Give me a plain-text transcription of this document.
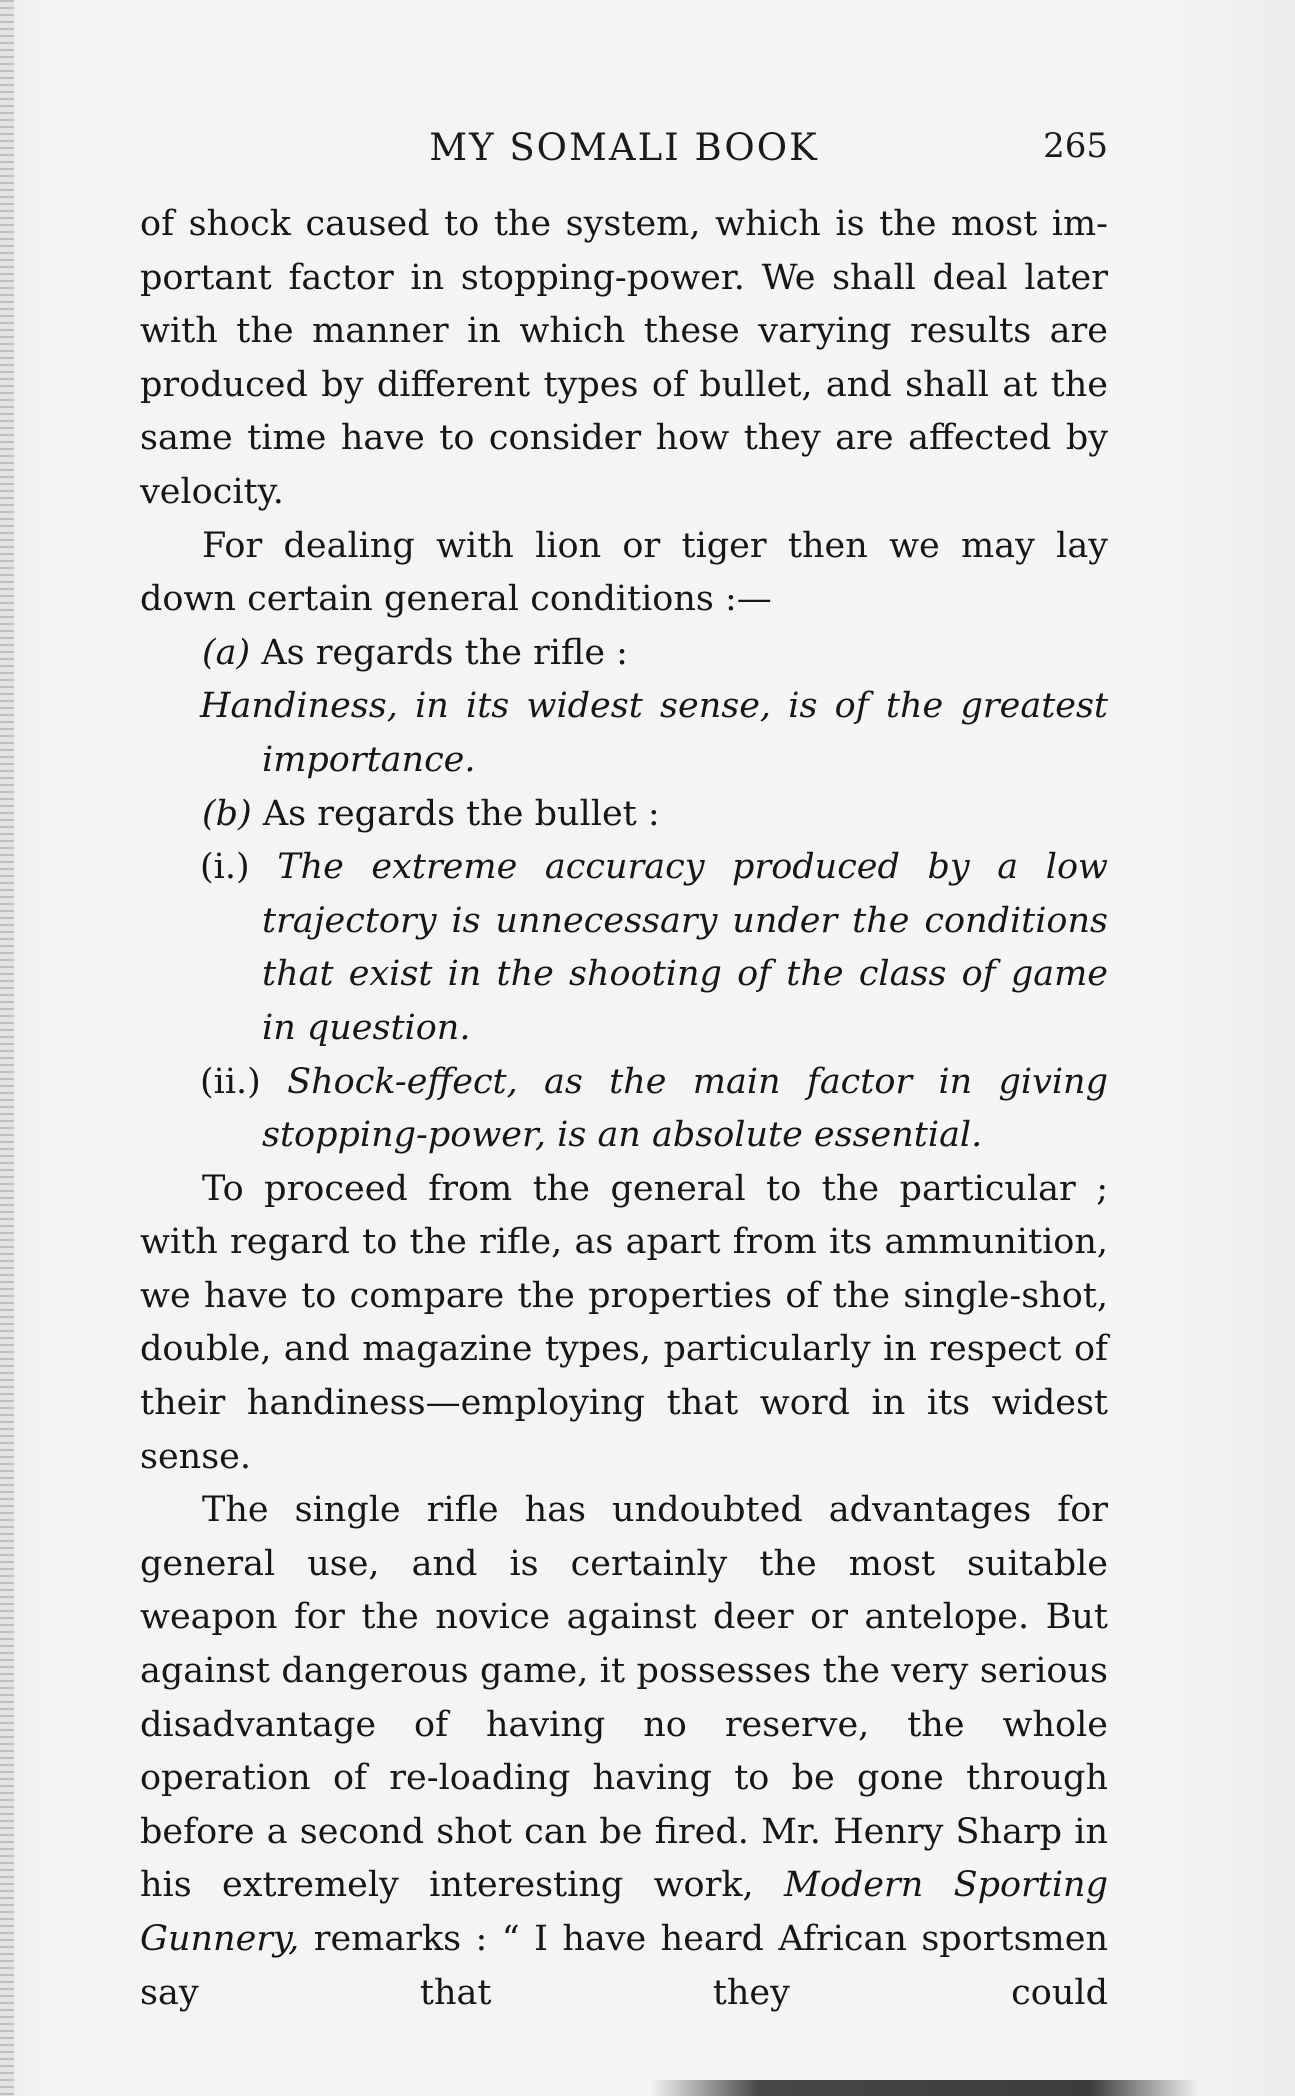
MY SOMALI BOOK	265

of shock caused to the system, which is the most important factor in stopping-power. We shall deal later with the manner in which these varying results are produced by different types of bullet, and shall at the same time have to consider how they are affected by velocity.

For dealing with lion or tiger then we may lay down certain general conditions :—

(a) As regards the rifle :

Handiness, in its widest sense, is of the greatest importance.

(b) As regards the bullet :

(i.) The extreme accuracy produced by a low trajectory is unnecessary under the conditions that exist in the shooting of the class of game in question.

(ii.) Shock-effect, as the main factor in giving stopping-power, is an absolute essential.

To proceed from the general to the particular ; with regard to the rifle, as apart from its ammunition, we have to compare the properties of the single-shot, double, and magazine types, particularly in respect of their handiness—employing that word in its widest sense.

The single rifle has undoubted advantages for general use, and is certainly the most suitable weapon for the novice against deer or antelope. But against dangerous game, it possesses the very serious disadvantage of having no reserve, the whole operation of re-loading having to be gone through before a second shot can be fired. Mr. Henry Sharp in his extremely interesting work, Modern Sporting Gunnery, remarks : “ I have heard African sportsmen say that they could
